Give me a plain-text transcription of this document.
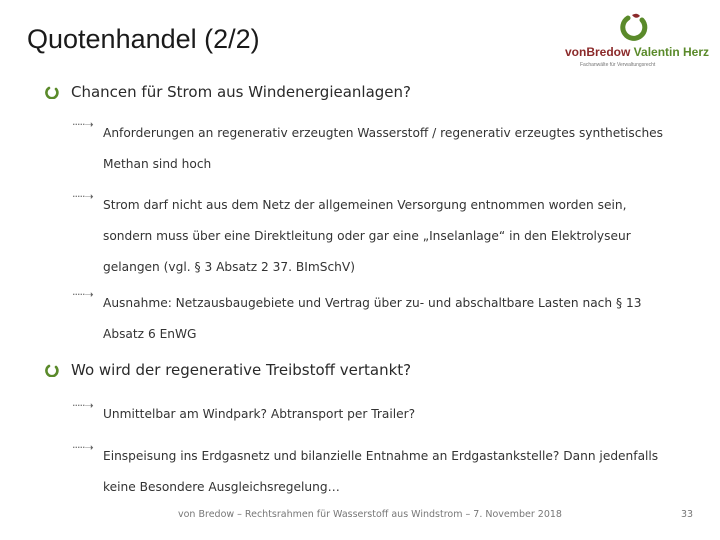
Quotenhandel (2/2)	vonBredow Valentin Herz
Fachanwälte für Verwaltungsrecht
Chancen für Strom aus Windenergieanlagen?
·····➝
Anforderungen an regenerativ erzeugten Wasserstoff / regenerativ erzeugtes synthetisches Methan sind hoch
·····➝
Strom darf nicht aus dem Netz der allgemeinen Versorgung entnommen worden sein, sondern muss über eine Direktleitung oder gar eine „Inselanlage“ in den Elektrolyseur gelangen (vgl. § 3 Absatz 2 37. BImSchV)
·····➝
Ausnahme: Netzausbaugebiete und Vertrag über zu- und abschaltbare Lasten nach § 13 Absatz 6 EnWG
Wo wird der regenerative Treibstoff vertankt?
·····➝
Unmittelbar am Windpark? Abtransport per Trailer?
·····➝
Einspeisung ins Erdgasnetz und bilanzielle Entnahme an Erdgastankstelle? Dann jedenfalls keine Besondere Ausgleichsregelung…
von Bredow – Rechtsrahmen für Wasserstoff aus Windstrom – 7. November 2018	33
